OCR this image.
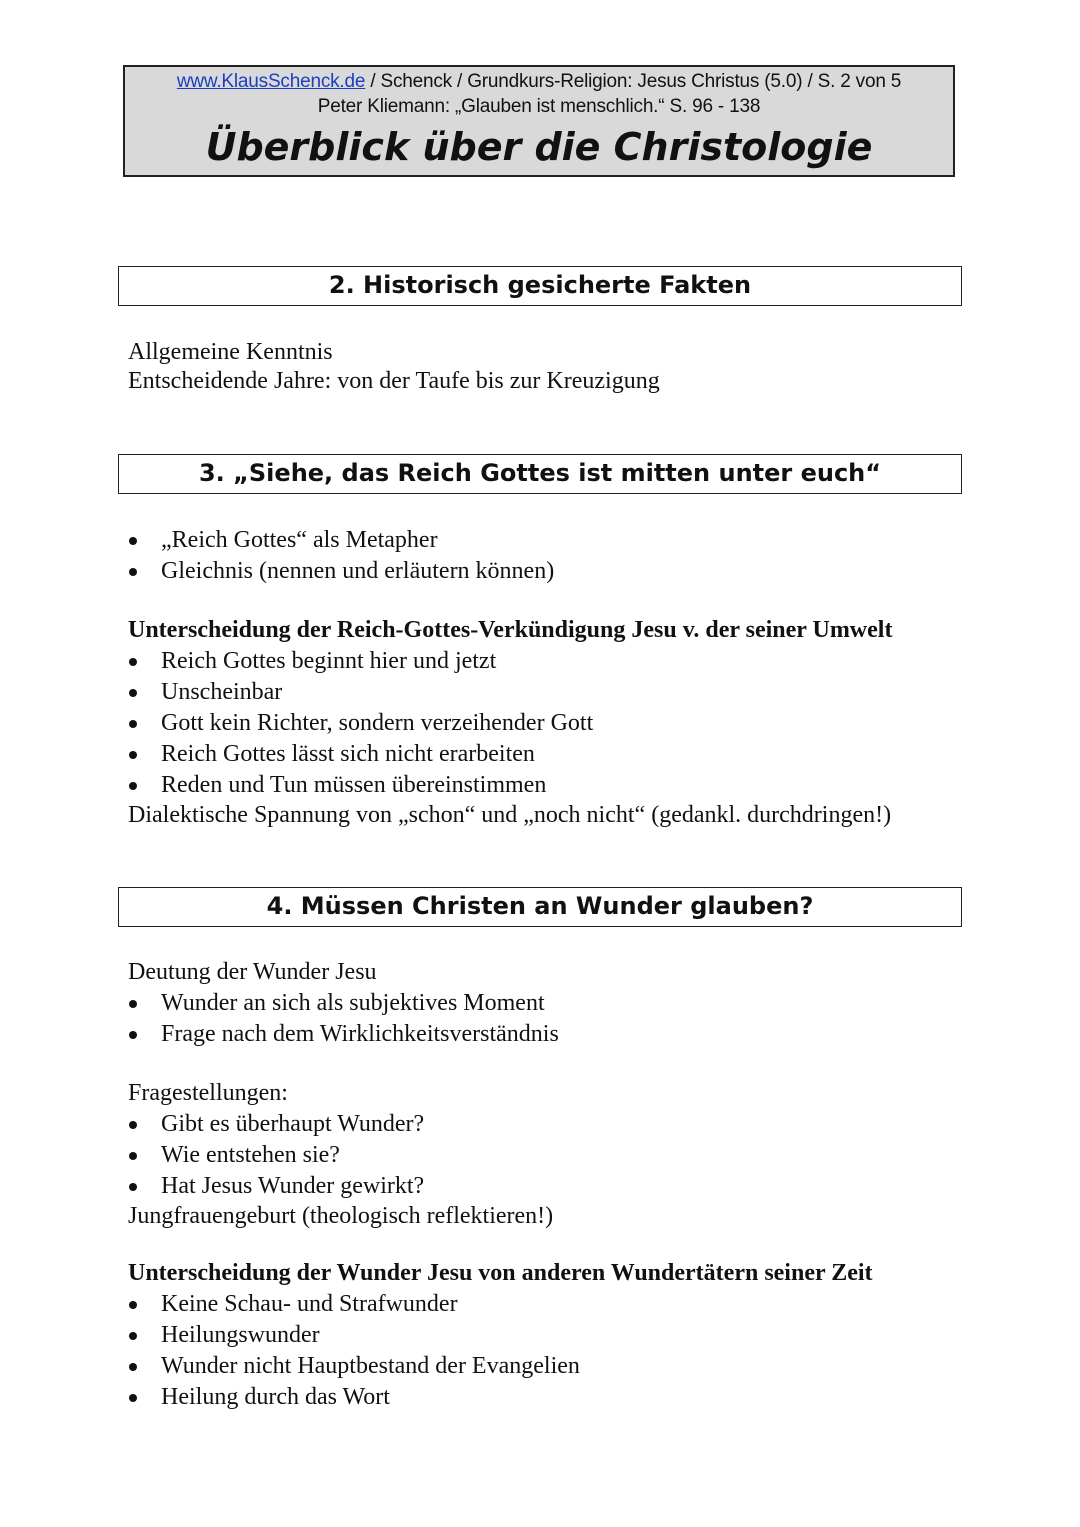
www.KlausSchenck.de / Schenck / Grundkurs-Religion: Jesus Christus (5.0) / S. 2 von 5
Peter Kliemann: „Glauben ist menschlich.“ S. 96 - 138
Überblick über die Christologie
2. Historisch gesicherte Fakten
Allgemeine Kenntnis
Entscheidende Jahre: von der Taufe bis zur Kreuzigung
3. „Siehe, das Reich Gottes ist mitten unter euch“
„Reich Gottes“ als Metapher
Gleichnis (nennen und erläutern können)
Unterscheidung der Reich-Gottes-Verkündigung Jesu v. der seiner Umwelt
Reich Gottes beginnt hier und jetzt
Unscheinbar
Gott kein Richter, sondern verzeihender Gott
Reich Gottes lässt sich nicht erarbeiten
Reden und Tun müssen übereinstimmen
Dialektische Spannung von „schon“ und „noch nicht“ (gedankl. durchdringen!)
4. Müssen Christen an Wunder glauben?
Deutung der Wunder Jesu
Wunder an sich als subjektives Moment
Frage nach dem Wirklichkeitsverständnis
Fragestellungen:
Gibt es überhaupt Wunder?
Wie entstehen sie?
Hat Jesus Wunder gewirkt?
Jungfrauengeburt (theologisch reflektieren!)
Unterscheidung der Wunder Jesu von anderen Wundertätern seiner Zeit
Keine Schau- und Strafwunder
Heilungswunder
Wunder nicht Hauptbestand der Evangelien
Heilung durch das Wort
